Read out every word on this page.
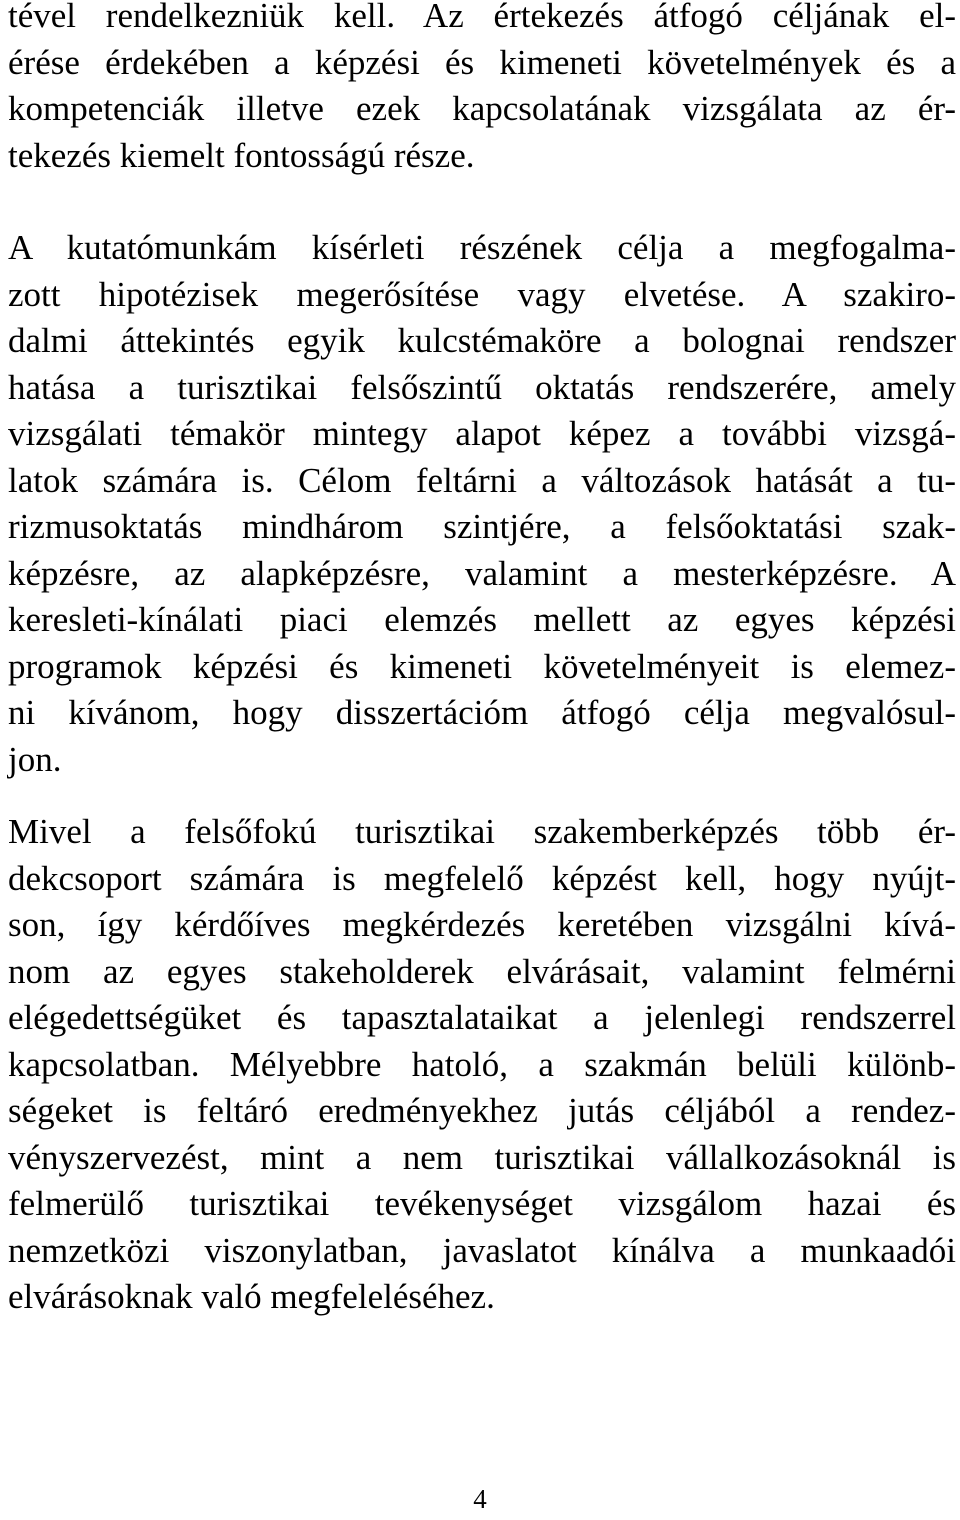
tével rendelkezniük kell. Az értekezés átfogó céljának el-
érése érdekében a képzési és kimeneti követelmények és a
kompetenciák illetve ezek kapcsolatának vizsgálata az ér-
tekezés kiemelt fontosságú része.
A kutatómunkám kísérleti részének célja a megfogalma-
zott hipotézisek megerősítése vagy elvetése. A szakiro-
dalmi áttekintés egyik kulcstémaköre a bolognai rendszer
hatása a turisztikai felsőszintű oktatás rendszerére, amely
vizsgálati témakör mintegy alapot képez a további vizsgá-
latok számára is. Célom feltárni a változások hatását a tu-
rizmusoktatás mindhárom szintjére, a felsőoktatási szak-
képzésre, az alapképzésre, valamint a mesterképzésre. A
keresleti-kínálati piaci elemzés mellett az egyes képzési
programok képzési és kimeneti követelményeit is elemez-
ni kívánom, hogy disszertációm átfogó célja megvalósul-
jon.
Mivel a felsőfokú turisztikai szakemberképzés több ér-
dekcsoport számára is megfelelő képzést kell, hogy nyújt-
son, így kérdőíves megkérdezés keretében vizsgálni kívá-
nom az egyes stakeholderek elvárásait, valamint felmérni
elégedettségüket és tapasztalataikat a jelenlegi rendszerrel
kapcsolatban. Mélyebbre hatoló, a szakmán belüli különb-
ségeket is feltáró eredményekhez jutás céljából a rendez-
vényszervezést, mint a nem turisztikai vállalkozásoknál is
felmerülő turisztikai tevékenységet vizsgálom hazai és
nemzetközi viszonylatban, javaslatot kínálva a munkaadói
elvárásoknak való megfeleléséhez.
4
